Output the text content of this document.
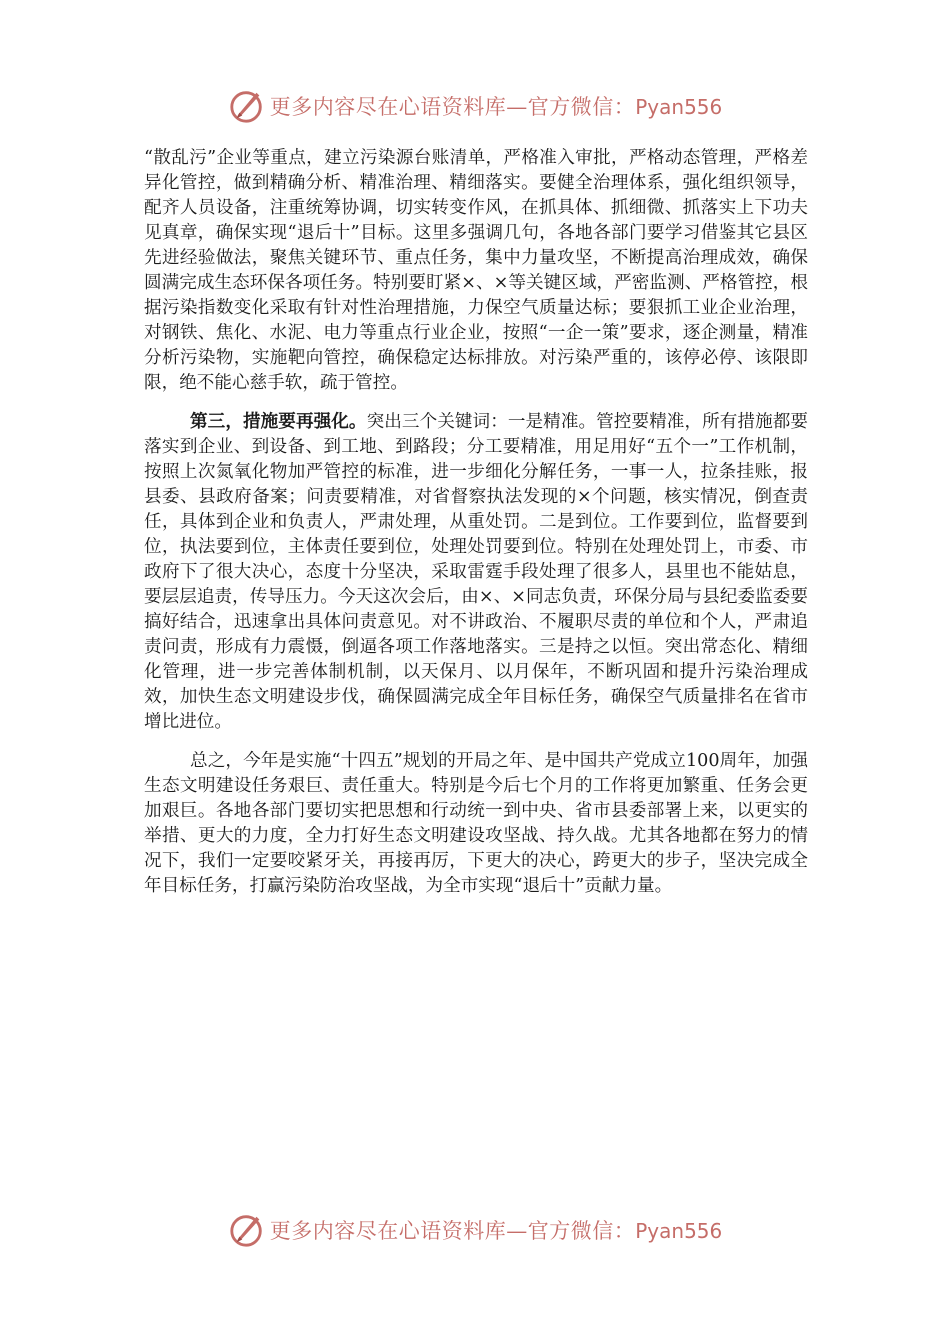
更多内容尽在心语资料库—官方微信：Pyan556

“散乱污”企业等重点，建立污染源台账清单，严格准入审批，严格动态管理，严格差异化管控，做到精确分析、精准治理、精细落实。要健全治理体系，强化组织领导，配齐人员设备，注重统筹协调，切实转变作风，在抓具体、抓细微、抓落实上下功夫见真章，确保实现“退后十”目标。这里多强调几句，各地各部门要学习借鉴其它县区先进经验做法，聚焦关键环节、重点任务，集中力量攻坚，不断提高治理成效，确保圆满完成生态环保各项任务。特别要盯紧×、×等关键区域，严密监测、严格管控，根据污染指数变化采取有针对性治理措施，力保空气质量达标；要狠抓工业企业治理，对钢铁、焦化、水泥、电力等重点行业企业，按照“一企一策”要求，逐企测量，精准分析污染物，实施靶向管控，确保稳定达标排放。对污染严重的，该停必停、该限即限，绝不能心慈手软，疏于管控。

第三，措施要再强化。突出三个关键词：一是精准。管控要精准，所有措施都要落实到企业、到设备、到工地、到路段；分工要精准，用足用好“五个一”工作机制，按照上次氮氧化物加严管控的标准，进一步细化分解任务，一事一人，拉条挂账，报县委、县政府备案；问责要精准，对省督察执法发现的×个问题，核实情况，倒查责任，具体到企业和负责人，严肃处理，从重处罚。二是到位。工作要到位，监督要到位，执法要到位，主体责任要到位，处理处罚要到位。特别在处理处罚上，市委、市政府下了很大决心，态度十分坚决，采取雷霆手段处理了很多人，县里也不能姑息，要层层追责，传导压力。今天这次会后，由×、×同志负责，环保分局与县纪委监委要搞好结合，迅速拿出具体问责意见。对不讲政治、不履职尽责的单位和个人，严肃追责问责，形成有力震慑，倒逼各项工作落地落实。三是持之以恒。突出常态化、精细化管理，进一步完善体制机制，以天保月、以月保年，不断巩固和提升污染治理成效，加快生态文明建设步伐，确保圆满完成全年目标任务，确保空气质量排名在省市增比进位。

总之，今年是实施“十四五”规划的开局之年、是中国共产党成立100周年，加强生态文明建设任务艰巨、责任重大。特别是今后七个月的工作将更加繁重、任务会更加艰巨。各地各部门要切实把思想和行动统一到中央、省市县委部署上来，以更实的举措、更大的力度，全力打好生态文明建设攻坚战、持久战。尤其各地都在努力的情况下，我们一定要咬紧牙关，再接再厉，下更大的决心，跨更大的步子，坚决完成全年目标任务，打赢污染防治攻坚战，为全市实现“退后十”贡献力量。

更多内容尽在心语资料库—官方微信：Pyan556
